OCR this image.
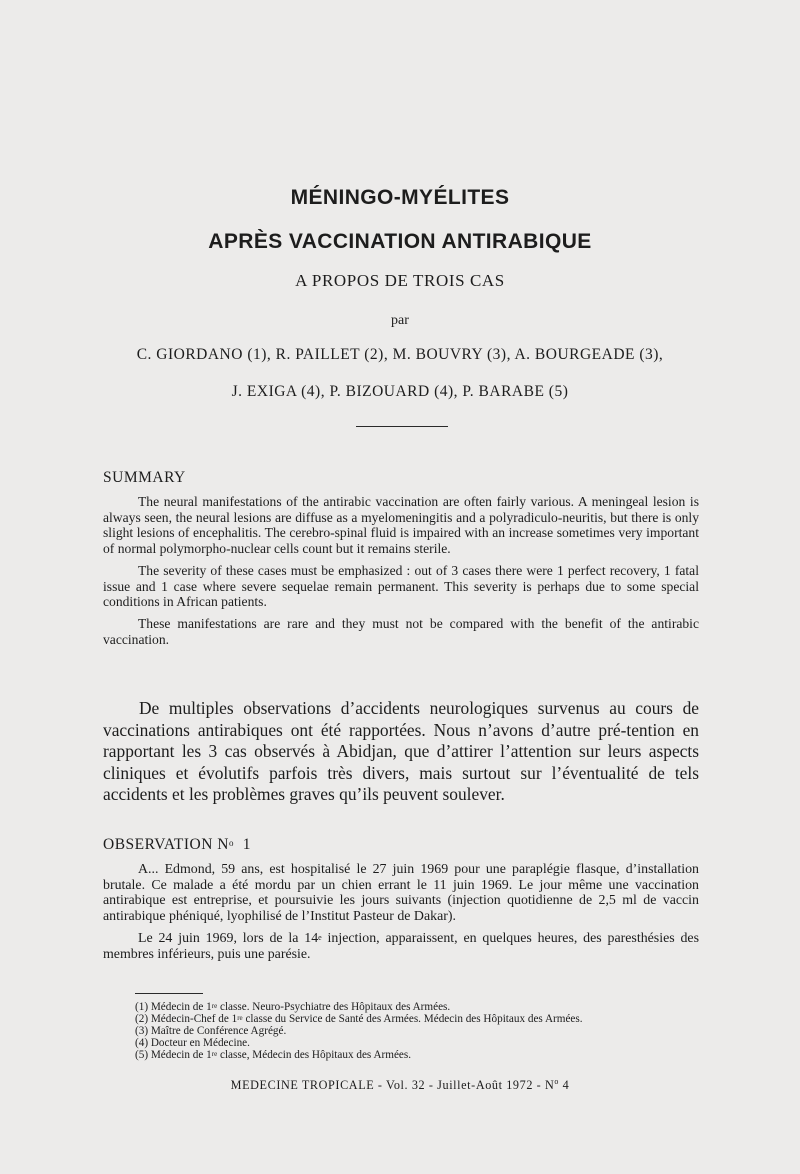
MÉNINGO-MYÉLITES
APRÈS VACCINATION ANTIRABIQUE
A PROPOS DE TROIS CAS
par
C. GIORDANO (1), R. PAILLET (2), M. BOUVRY (3), A. BOURGEADE (3),
J. EXIGA (4), P. BIZOUARD (4), P. BARABE (5)
SUMMARY

The neural manifestations of the antirabic vaccination are often fairly various. A meningeal lesion is always seen, the neural lesions are diffuse as a myelomeningitis and a polyradiculo-neuritis, but there is only slight lesions of encephalitis. The cerebro-spinal fluid is impaired with an increase sometimes very important of normal polymorpho-nuclear cells count but it remains sterile.

The severity of these cases must be emphasized : out of 3 cases there were 1 perfect recovery, 1 fatal issue and 1 case where severe sequelae remain permanent. This severity is perhaps due to some special conditions in African patients.

These manifestations are rare and they must not be compared with the benefit of the antirabic vaccination.

De multiples observations d’accidents neurologiques survenus au cours de vaccinations antirabiques ont été rapportées. Nous n’avons d’autre pré-tention en rapportant les 3 cas observés à Abidjan, que d’attirer l’attention sur leurs aspects cliniques et évolutifs parfois très divers, mais surtout sur l’éventualité de tels accidents et les problèmes graves qu’ils peuvent soulever.

OBSERVATION $N^o$ 1

A... Edmond, 59 ans, est hospitalisé le 27 juin 1969 pour une paraplégie flasque, d’installation brutale. Ce malade a été mordu par un chien errant le 11 juin 1969. Le jour même une vaccination antirabique est entreprise, et poursuivie les jours suivants (injection quotidienne de 2,5 ml de vaccin antirabique phéniqué, lyophilisé de l’Institut Pasteur de Dakar).

Le 24 juin 1969, lors de la 14e injection, apparaissent, en quelques heures, des paresthésies des membres inférieurs, puis une parésie.

(1) Médecin de 1re classe. Neuro-Psychiatre des Hôpitaux des Armées.
(2) Médecin-Chef de 1re classe du Service de Santé des Armées. Médecin des Hôpitaux des Armées.
(3) Maître de Conférence Agrégé.
(4) Docteur en Médecine.
(5) Médecin de 1re classe, Médecin des Hôpitaux des Armées.
MEDECINE TROPICALE - Vol. 32 - Juillet-Août $1972 - N^o$ 4
